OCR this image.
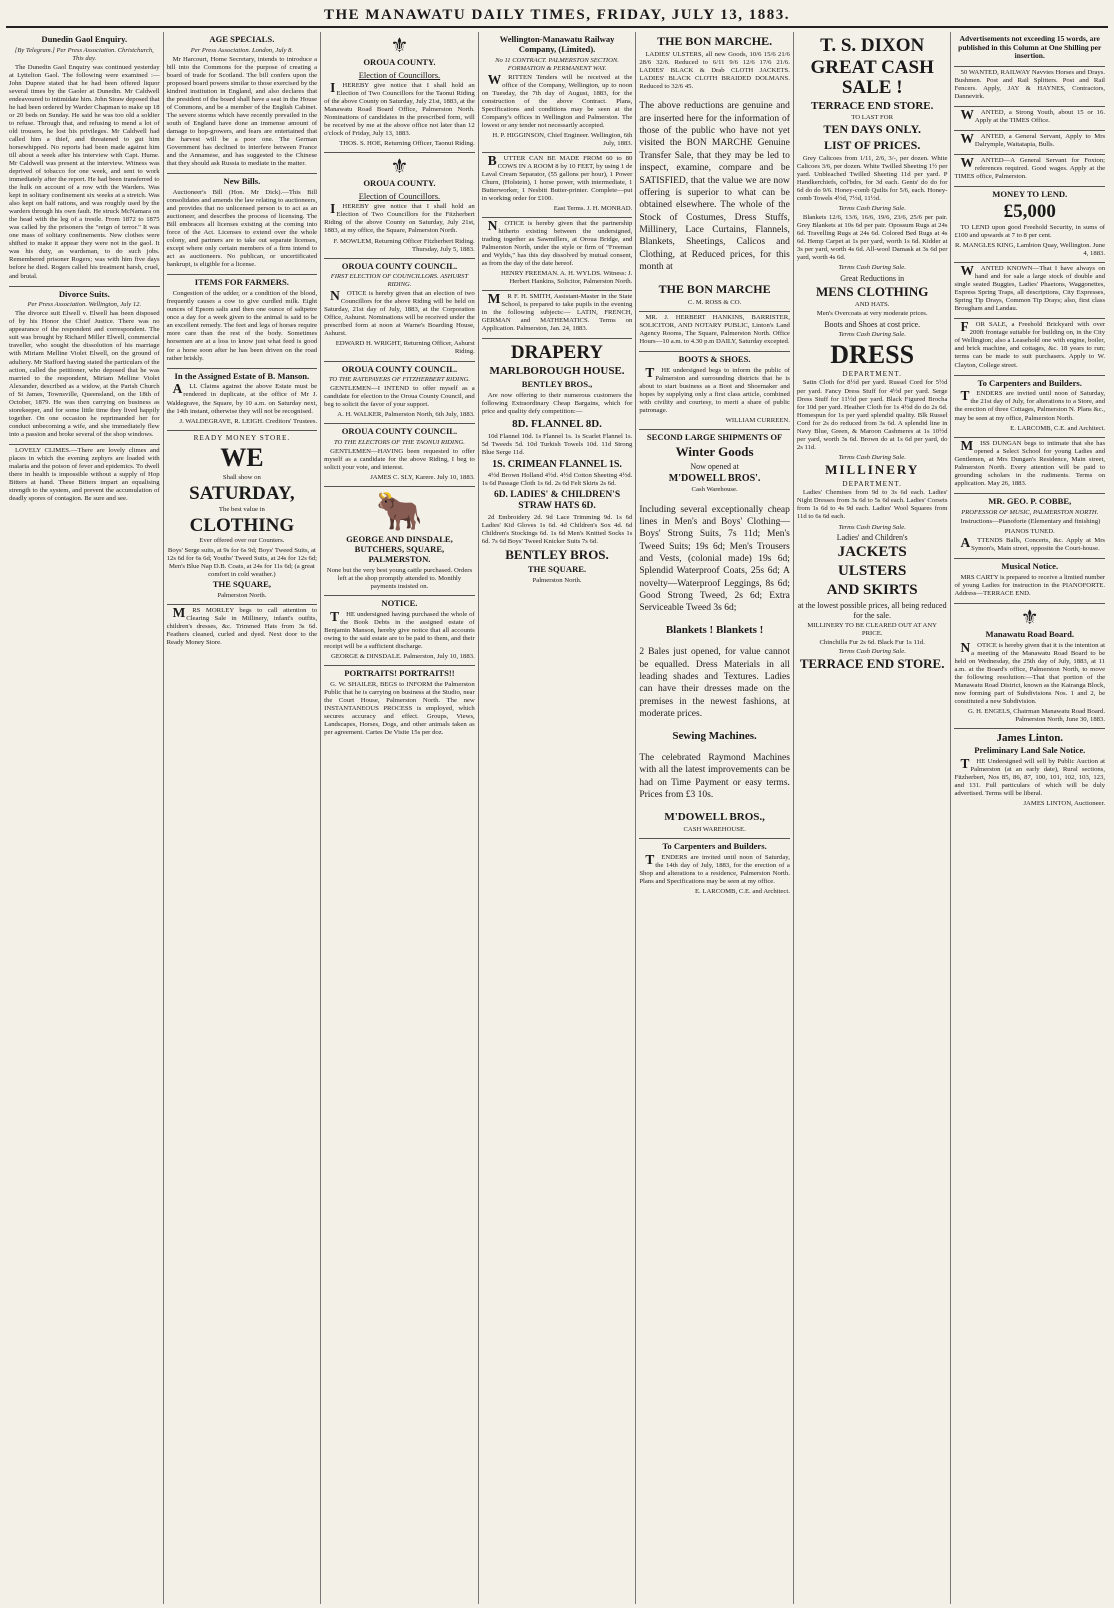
THE MANAWATU DAILY TIMES, FRIDAY, JULY 13, 1883.
Dunedin Gaol Enquiry.
[By Telegram.] Per Press Association. Christchurch, This day.

The Dunedin Gaol Enquiry was continued yesterday at Lyttelton Gaol. The following were examined :—John Dupree stated that he had been offered liquor several times by the Gaoler at Dunedin. Mr Caldwell endeavoured to intimidate him. John Straw deposed that he had been ordered by Warder Chapman to make up 18 or 20 beds on Sunday. He said he was too old a soldier to refuse. Through that, and refusing to mend a lot of old trousers, he lost his privileges. Mr Caldwell had called him a thief, and threatened to gut him horsewhipped. No reports had been made against him till about a week after his interview with Capt. Hume. Mr Caldwell was present at the interview. Witness was deprived of tobacco for one week, and sent to work immediately after the report. He had been transferred to the hulk on account of a row with the Warders. Was kept in solitary confinement six weeks at a stretch. Was also kept on half rations, and was roughly used by the warders through his own fault. He struck McNamara on the head with the leg of a trestle. From 1872 to 1875 was called by the prisoners the "reign of terror." It was one mass of solitary confinements. New clothes were shifted to make it appear they were not in the gaol. It was his duty, as wardsman, to do such jobs. Remembered prisoner Rogers; was with him five days before he died. Rogers called his treatment harsh, cruel, and brutal.

Divorce Suits.
Per Press Association. Wellington, July 12.

The divorce suit Elwell v. Elwell has been disposed of by his Honor the Chief Justice. There was no appearance of the respondent and correspondent. The suit was brought by Richard Miller Elwell, commercial traveller, who sought the dissolution of his marriage with Miriam Melline Violet Elwell, on the ground of adultery. Mr Stafford having stated the particulars of the action, called the petitioner, who deposed that he was married to the respondent, Miriam Melline Violet Alexander, described as a widow, at the Parish Church of St James, Townsville, Queensland, on the 18th of October, 1879. He was then carrying on business as storekeeper, and for some little time they lived happily together. On one occasion he reprimanded her for conduct unbecoming a wife, and she immediately flew into a passion and broke several of the shop windows.

LOVELY CLIMES.—There are lovely climes and places in which the evening zephyrs are loaded with malaria and the poison of fever and epidemics. To dwell there in health is impossible without a supply of Hop Bitters at hand. These Bitters impart an equalising strength to the system, and prevent the accumulation of deadly spores of contagion. Be sure and see.

AGE SPECIALS.
Per Press Association. London, July 8.

Mr Harcourt, Home Secretary, intends to introduce a bill into the Commons for the purpose of creating a board of trade for Scotland. The bill confers upon the proposed board powers similar to those exercised by the kindred institution in England, and also declares that the president of the board shall have a seat in the House of Commons, and be a member of the English Cabinet. The severe storms which have recently prevailed in the south of England have done an immense amount of damage to hop-growers, and fears are entertained that the harvest will be a poor one. The German Government has declined to interfere between France and the Annamese, and has suggested to the Chinese that they should ask Russia to mediate in the matter.

New Bills.

Auctioneer's Bill (Hon. Mr Dick).—This Bill consolidates and amends the law relating to auctioneers, and provides that no unlicensed person is to act as an auctioneer, and describes the process of licensing. The Bill embraces all licenses existing at the coming into force of the Act. Licenses to extend over the whole colony, and partners are to take out separate licenses, except where only certain members of a firm intend to act as auctioneers. No publican, or uncertificated bankrupt, is eligible for a license.

ITEMS FOR FARMERS.

Congestion of the udder, or a condition of the blood, frequently causes a cow to give curdled milk. Eight ounces of Epsom salts and then one ounce of saltpetre once a day for a week given to the animal is said to be an excellent remedy. The feet and legs of horses require more care than the rest of the body. Sometimes horsemen are at a loss to know just what feed is good for a horse soon after he has been driven on the road rather briskly.

In the Assigned Estate of B. Manson.

ALL Claims against the above Estate must be rendered in duplicate, at the office of Mr J. Waldegrave, the Square, by 10 a.m. on Saturday next, the 14th instant, otherwise they will not be recognised.

J. WALDEGRAVE, R. LEIGH. Creditors' Trustees.
READY MONEY STORE.
WE
Shall show on
SATURDAY,
The best value in
CLOTHING
Ever offered over our Counters.

Boys' Serge suits, at 9s for 6s 9d; Boys' Tweed Suits, at 12s 6d for 6s 6d; Youths' Tweed Suits, at 24s for 12s 6d; Men's Blue Nap D.B. Coats, at 24s for 11s 6d; (a great comfort in cold weather.)

THE SQUARE,
Palmerston North.

MRS MORLEY begs to call attention to Clearing Sale in Millinery, infant's outfits, children's dresses, &c. Trimmed Hats from 3s 6d. Feathers cleaned, curled and dyed. Next door to the Ready Money Store.

⚜
OROUA COUNTY.
Election of Councillors.

IHEREBY give notice that I shall hold an Election of Two Councillors for the Taonui Riding of the above County on Saturday, July 21st, 1883, at the Manawatu Road Board Office, Palmerston North. Nominations of candidates in the prescribed form, will be received by me at the above office not later than 12 o'clock of Friday, July 13, 1883.

THOS. S. HOE, Returning Officer, Taonui Riding.
⚜
OROUA COUNTY.
Election of Councillors.

IHEREBY give notice that I shall hold an Election of Two Councillors for the Fitzherbert Riding of the above County on Saturday, July 21st, 1883, at my office, the Square, Palmerston North.

F. MOWLEM, Returning Officer Fitzherbert Riding. Thursday, July 5, 1883.
OROUA COUNTY COUNCIL.
FIRST ELECTION OF COUNCILLORS. ASHURST RIDING.

NOTICE is hereby given that an election of two Councillors for the above Riding will be held on Saturday, 21st day of July, 1883, at the Corporation Office, Ashurst. Nominations will be received under the prescribed form at noon at Warne's Boarding House, Ashurst.

EDWARD H. WRIGHT, Returning Officer, Ashurst Riding.
OROUA COUNTY COUNCIL.
TO THE RATEPAYERS OF FITZHERBERT RIDING.

GENTLEMEN—I INTEND to offer myself as a candidate for election to the Oroua County Council, and beg to solicit the favor of your support.

A. H. WALKER, Palmerston North, 6th July, 1883.
OROUA COUNTY COUNCIL.
TO THE ELECTORS OF THE TAONUI RIDING.

GENTLEMEN—HAVING been requested to offer myself as a candidate for the above Riding, I beg to solicit your vote, and interest.

JAMES C. SLY, Karere. July 10, 1883.
🐂
GEORGE AND DINSDALE, BUTCHERS, SQUARE, PALMERSTON.

None but the very best young cattle purchased. Orders left at the shop promptly attended to. Monthly payments insisted on.

NOTICE.

THE undersigned having purchased the whole of the Book Debts in the assigned estate of Benjamin Manson, hereby give notice that all accounts owing to the said estate are to be paid to them, and their receipt will be a sufficient discharge.

GEORGE & DINSDALE. Palmerston, July 10, 1883.
PORTRAITS! PORTRAITS!!

G. W. SHAILER, BEGS to INFORM the Palmerston Public that he is carrying on business at the Studio, near the Court House, Palmerston North. The new INSTANTANEOUS PROCESS is employed, which secures accuracy and effect. Groups, Views, Landscapes, Horses, Dogs, and other animals taken as per agreement. Cartes De Visite 15s per doz.

Wellington-Manawatu Railway Company, (Limited).
No 11 CONTRACT. PALMERSTON SECTION. FORMATION & PERMANENT WAY.

WRITTEN Tenders will be received at the office of the Company, Wellington, up to noon on Tuesday, the 7th day of August, 1883, for the construction of the above Contract. Plans, Specifications and conditions may be seen at the Company's offices in Wellington and Palmerston. The lowest or any tender not necessarily accepted.

H. P. HIGGINSON, Chief Engineer. Wellington, 6th July, 1883.

BUTTER CAN BE MADE FROM 60 to 80 COWS IN A ROOM 8 by 10 FEET, by using 1 de Laval Cream Separator, (55 gallons per hour), 1 Power Churn, (Holstein), 1 horse power, with intermediate, 1 Butterworker, 1 Nesbitt Butter-printer. Complete—put in working order for £100.

East Terms. J. H. MONRAD.

NOTICE is hereby given that the partnership hitherto existing between the undersigned, trading together as Sawmillers, at Oroua Bridge, and Palmerston North, under the style or firm of "Freeman and Wylds," has this day dissolved by mutual consent, as from the day of the date hereof.

HENRY FREEMAN. A. H. WYLDS. Witness: J. Herbert Hankins, Solicitor, Palmerston North.

MR F. H. SMITH, Assistant-Master in the State School, is prepared to take pupils in the evening in the following subjects:— LATIN, FRENCH, GERMAN and MATHEMATICS. Terms on Application. Palmerston, Jan. 24, 1883.

DRAPERY
MARLBOROUGH HOUSE.
BENTLEY BROS.,

Are now offering to their numerous customers the following Extraordinary Cheap Bargains, which for price and quality defy competition:—

8D. FLANNEL 8D.

10d Flannel 10d. 1s Flannel 1s. 1s Scarlet Flannel 1s. 5d Tweeds 5d. 10d Turkish Towels 10d. 11d Strong Blue Serge 11d.

1S. CRIMEAN FLANNEL 1S.

4½d Brown Holland 4½d. 4½d Cotton Sheeting 4½d. 1s 6d Passage Cloth 1s 6d. 2s 6d Felt Skirts 2s 6d.

6D. LADIES' & CHILDREN'S STRAW HATS 6D.

2d Embroidery 2d. 9d Lace Trimming 9d. 1s 6d Ladies' Kid Gloves 1s 6d. 4d Children's Sox 4d. 6d Children's Stockings 6d. 1s 6d Men's Knitted Socks 1s 6d. 7s 6d Boys' Tweed Knicker Suits 7s 6d.

BENTLEY BROS.
THE SQUARE.
Palmerston North.
THE BON MARCHE.

LADIES' ULSTERS, all new Goods, 10/6 15/6 21/6 28/6 32/6. Reduced to 6/11 9/6 12/6 17/6 21/6. LADIES' BLACK & Drab CLOTH JACKETS. LADIES' BLACK CLOTH BRAIDED DOLMANS. Reduced to 32/6 45.

The above reductions are genuine and are inserted here for the information of those of the public who have not yet visited the BON MARCHE Genuine Transfer Sale, that they may be led to inspect, examine, compare and be SATISFIED, that the value we are now offering is superior to what can be obtained elsewhere. The whole of the Stock of Costumes, Dress Stuffs, Millinery, Lace Curtains, Flannels, Blankets, Sheetings, Calicos and Clothing, at Reduced prices, for this month at

THE BON MARCHE
C. M. ROSS & CO.

MR. J. HERBERT HANKINS, BARRISTER, SOLICITOR, AND NOTARY PUBLIC, Linton's Land Agency Rooms, The Square, Palmerston North. Office Hours—10 a.m. to 4.30 p.m DAILY, Saturday excepted.

BOOTS & SHOES.

THE undersigned begs to inform the public of Palmerston and surrounding districts that he is about to start business as a Boot and Shoemaker and hopes by supplying only a first class article, combined with civility and courtesy, to merit a share of public patronage.

WILLIAM CURREEN.
SECOND LARGE SHIPMENTS OF
Winter Goods
Now opened at
M'DOWELL BROS'.
Cash Warehouse.

Including several exceptionally cheap lines in Men's and Boys' Clothing— Boys' Strong Suits, 7s 11d; Men's Tweed Suits; 19s 6d; Men's Trousers and Vests, (colonial made) 19s 6d; Splendid Waterproof Coats, 25s 6d; A novelty—Waterproof Leggings, 8s 6d; Good Strong Tweed, 2s 6d; Extra Serviceable Tweed 3s 6d;

Blankets ! Blankets !

2 Bales just opened, for value cannot be equalled. Dress Materials in all leading shades and Textures. Ladies can have their dresses made on the premises in the newest fashions, at moderate prices.

Sewing Machines.

The celebrated Raymond Machines with all the latest improvements can be had on Time Payment or easy terms. Prices from £3 10s.

M'DOWELL BROS.,
CASH WAREHOUSE.
To Carpenters and Builders.

TENDERS are invited until noon of Saturday, the 14th day of July, 1883, for the erection of a Shop and alterations to a residence, Palmerston North. Plans and Specifications may be seen at my office.

E. LARCOMB, C.E. and Architect.
T. S. DIXON
GREAT CASH SALE !
TERRACE END STORE.
TO LAST FOR
TEN DAYS ONLY.
LIST OF PRICES.

Grey Calicoes from 1/11, 2/6, 3/-, per dozen. White Calicoes 3/6, per dozen. White Twilled Sheeting 1½ per yard. Unbleached Twilled Sheeting 11d per yard. P Handkerchiefs, col'bdrs, for 3d each. Gents' do do for 6d do do 9/6. Honey-comb Quilts for 5/6, each. Honey-comb Towels 4½d, 7½d, 11½d.

Terms Cash During Sale.

Blankets 12/6, 13/6, 16/6, 19/6, 23/6, 25/6 per pair. Grey Blankets at 10s 6d per pair. Opossum Rugs at 24s 6d. Travelling Rugs at 24s 6d. Colored Bed Rugs at 4s 6d. Hemp Carpet at 1s per yard, worth 1s 6d. Kidder at 3s per yard, worth 4s 6d. All-wool Damask at 3s 6d per yard, worth 4s 6d.

Terms Cash During Sale.
Great Reductions in
MENS CLOTHING
AND HATS.
Men's Overcoats at very moderate prices.
Boots and Shoes at cost price.
Terms Cash During Sale.
DRESS
DEPARTMENT.

Satin Cloth for 8½d per yard. Russel Cord for 5½d per yard. Fancy Dress Stuff for 4½d per yard. Serge Dress Stuff for 11½d per yard. Black Figured Brocha for 10d per yard. Heather Cloth for 1s 4½d do do 2s 6d. Homespun for 1s per yard splendid quality. Blk Russel Cord for 2s do reduced from 3s 6d. A splendid line in Navy Blue, Green, & Maroon Cashmeres at 1s 10½d per yard, worth 3s 6d. Brown do at 1s 6d per yard, do 2s 11d.

Terms Cash During Sale.
MILLINERY
DEPARTMENT.

Ladies' Chemises from 9d to 3s 6d each. Ladies' Night Dresses from 3s 6d to 5s 6d each. Ladies' Corsets from 1s 6d to 4s 9d each. Ladies' Wool Squares from 11d to 6s 6d each.

Terms Cash During Sale.
Ladies' and Children's
JACKETS
ULSTERS
AND SKIRTS

at the lowest possible prices, all being reduced for the sale.

MILLINERY TO BE CLEARED OUT AT ANY PRICE.
Chinchilla Fur 2s 6d. Black Fur 1s 11d.
Terms Cash During Sale.
TERRACE END STORE.
Advertisements not exceeding 15 words, are published in this Column at One Shilling per insertion.

50 WANTED, RAILWAY Navvies Horses and Drays. Bushmen. Post and Rail Splitters. Post and Rail Fencers. Apply, JAY & HAYNES, Contractors, Dannevirk.

WANTED, a Strong Youth, about 15 or 16. Apply at the TIMES Office.

WANTED, a General Servant, Apply to Mrs Dalrymple, Waitatapia, Bulls.

WANTED—A General Servant for Foxton; references required. Good wages. Apply at the TIMES office, Palmerston.

MONEY TO LEND.
£5,000

TO LEND upon good Freehold Security, in sums of £100 and upwards at 7 to 8 per cent.

R. MANGLES KING, Lambton Quay, Wellington. June 4, 1883.

WANTED KNOWN—That I have always on hand and for sale a large stock of double and single seated Buggies, Ladies' Phaetons, Waggonettes, Express Spring Traps, all descriptions, City Expresses, Spring Tip Drays, Common Tip Drays; also, first class Brougham and Landau.

FOR SALE, a Freehold Brickyard with over 200ft frontage suitable for building on, in the City of Wellington; also a Leasehold one with engine, boiler, and brick machine, and cottages, &c. 18 years to run; terms can be made to suit purchasers. Apply to W. Clayton, College street.

To Carpenters and Builders.

TENDERS are invited until noon of Saturday, the 21st day of July, for alterations to a Store, and the erection of three Cottages, Palmerston N. Plans &c., may be seen at my office, Palmerston North.

E. LARCOMB, C.E. and Architect.

MISS DUNGAN begs to intimate that she has opened a Select School for young Ladies and Gentlemen, at Mrs Dungan's Residence, Main street, Palmerston North. Every attention will be paid to grounding scholars in the rudiments. Terms on application. May 26, 1883.

MR. GEO. P. COBBE,
PROFESSOR OF MUSIC, PALMERSTON NORTH.

Instructions—Pianoforte (Elementary and finishing)

PIANOS TUNED.

ATTENDS Balls, Concerts, &c. Apply at Mrs Symon's, Main street, opposite the Court-house.

Musical Notice.

MRS CARTY is prepared to receive a limited number of young Ladies for instruction in the PIANOFORTE. Address—TERRACE END.

⚜
Manawatu Road Board.

NOTICE is hereby given that it is the intention at a meeting of the Manawatu Road Board to be held on Wednesday, the 25th day of July, 1883, at 11 a.m. at the Board's office, Palmerston North, to move the following resolution:—That that portion of the Manawatu Road District, known as the Kairanga Block, now forming part of Subdivisions Nos. 1 and 2, be constituted a new Subdivision.

G. H. ENGELS, Chairman Manawatu Road Board. Palmerston North, June 30, 1883.
James Linton.
Preliminary Land Sale Notice.

THE Undersigned will sell by Public Auction at Palmerston (at an early date), Rural sections, Fitzherbert, Nos 85, 86, 87, 100, 101, 102, 103, 123, and 131. Full particulars of which will be duly advertised. Terms will be liberal.

JAMES LINTON, Auctioneer.
